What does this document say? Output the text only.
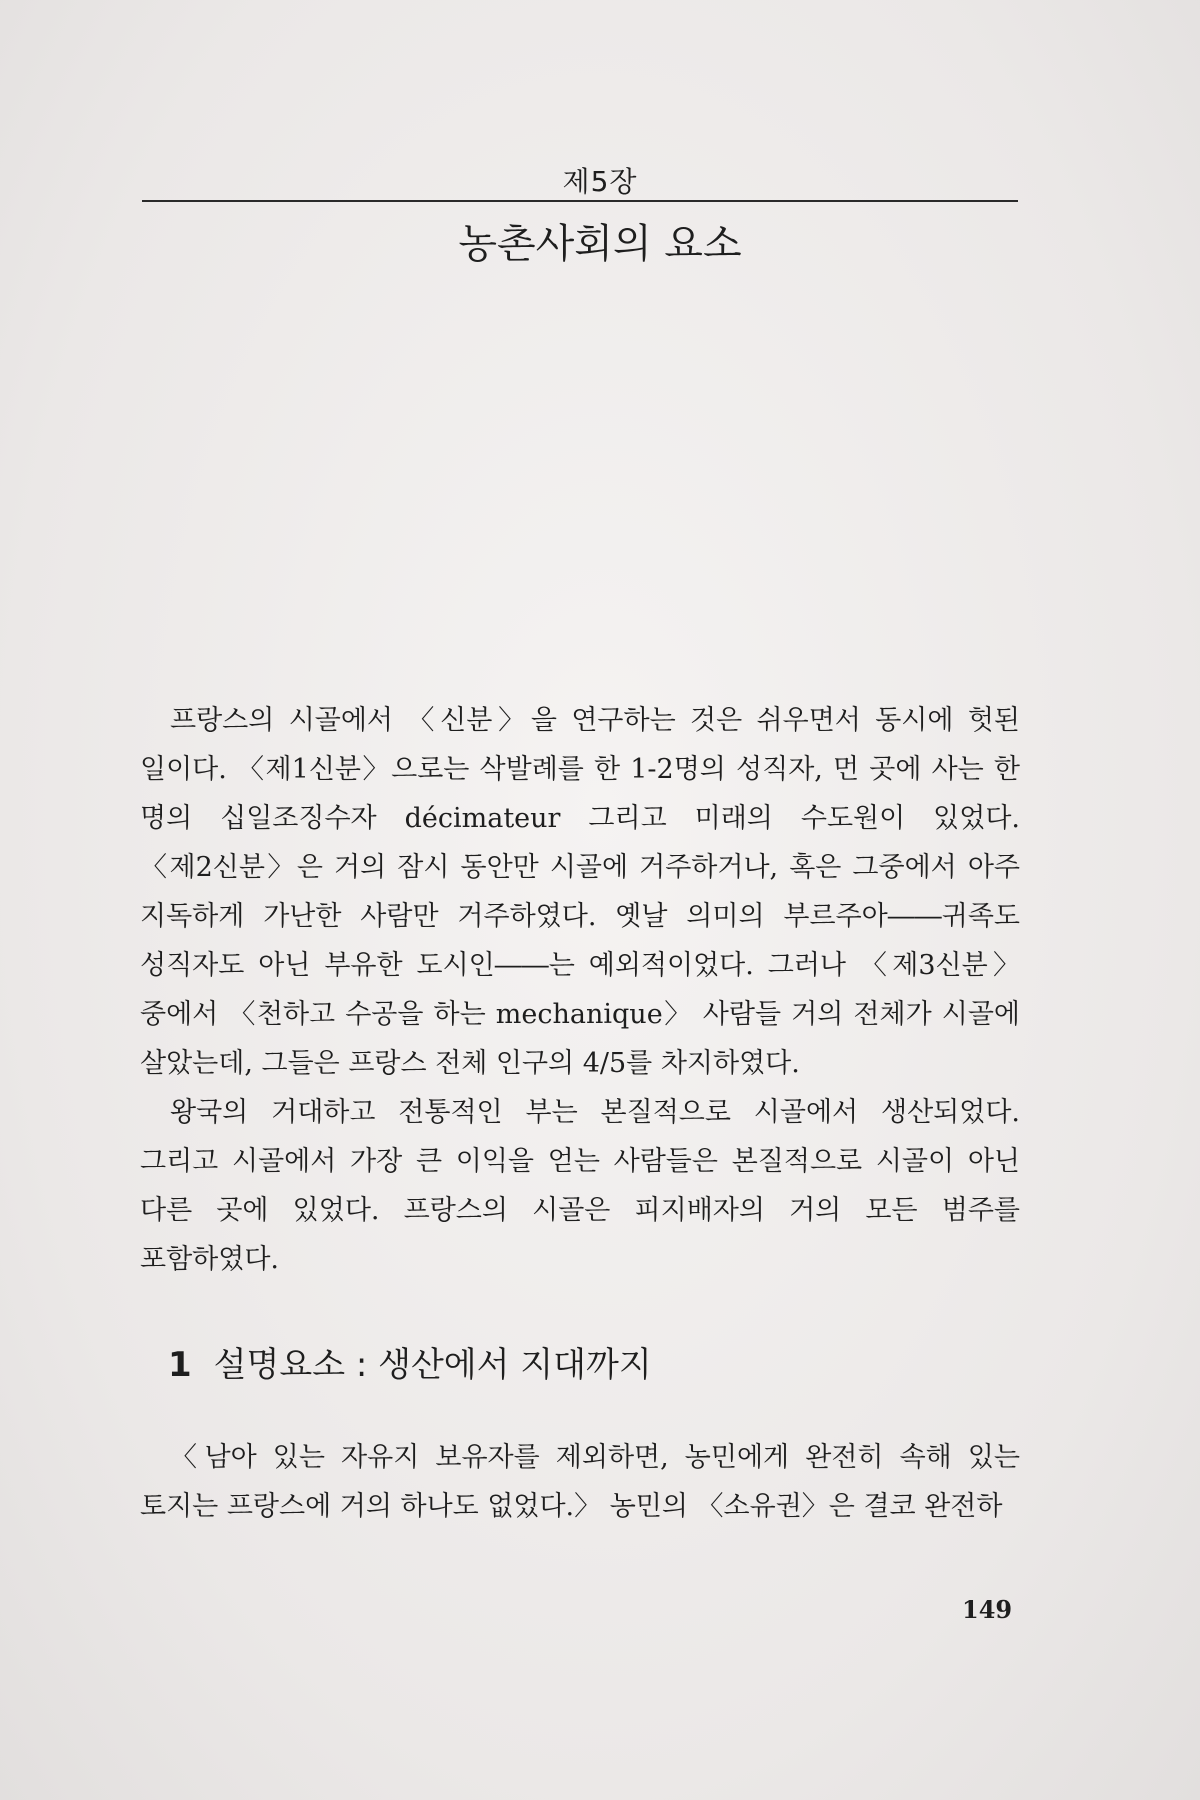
제5장
농촌사회의 요소

프랑스의 시골에서 〈신분〉을 연구하는 것은 쉬우면서 동시에 헛된 일이다. 〈제1신분〉으로는 삭발례를 한 1-2명의 성직자, 먼 곳에 사는 한 명의 십일조징수자 décimateur 그리고 미래의 수도원이 있었다. 〈제2신분〉은 거의 잠시 동안만 시골에 거주하거나, 혹은 그중에서 아주 지독하게 가난한 사람만 거주하였다. 옛날 의미의 부르주아――귀족도 성직자도 아닌 부유한 도시인――는 예외적이었다. 그러나 〈제3신분〉 중에서 〈천하고 수공을 하는 mechanique〉 사람들 거의 전체가 시골에 살았는데, 그들은 프랑스 전체 인구의 4/5를 차지하였다.

왕국의 거대하고 전통적인 부는 본질적으로 시골에서 생산되었다. 그리고 시골에서 가장 큰 이익을 얻는 사람들은 본질적으로 시골이 아닌 다른 곳에 있었다. 프랑스의 시골은 피지배자의 거의 모든 범주를 포함하였다.

1 설명요소 : 생산에서 지대까지

〈남아 있는 자유지 보유자를 제외하면, 농민에게 완전히 속해 있는 토지는 프랑스에 거의 하나도 없었다.〉 농민의 〈소유권〉은 결코 완전하

149
